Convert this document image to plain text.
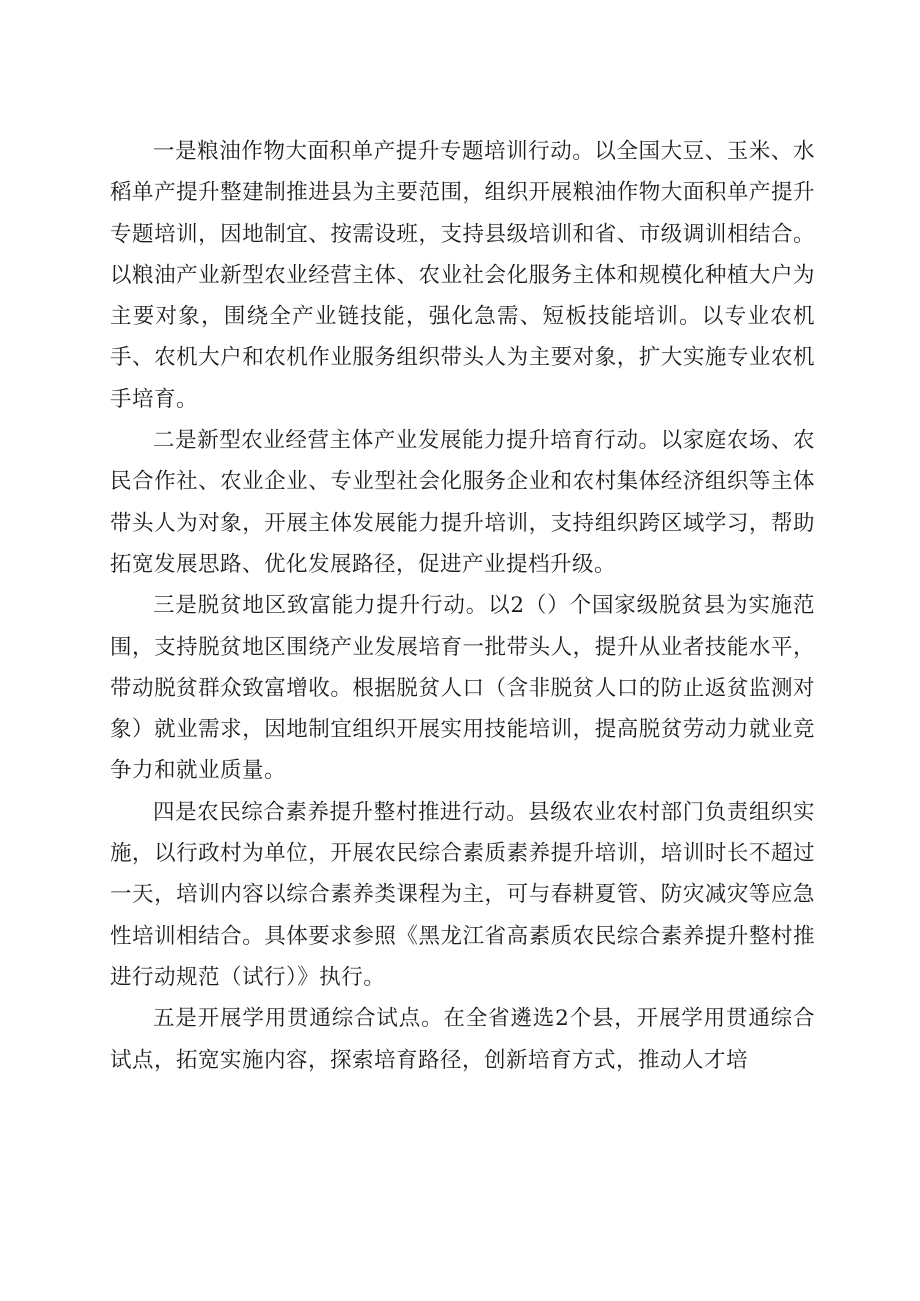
一是粮油作物大面积单产提升专题培训行动。以全国大豆、玉米、水稻单产提升整建制推进县为主要范围，组织开展粮油作物大面积单产提升专题培训，因地制宜、按需设班，支持县级培训和省、市级调训相结合。以粮油产业新型农业经营主体、农业社会化服务主体和规模化种植大户为主要对象，围绕全产业链技能，强化急需、短板技能培训。以专业农机手、农机大户和农机作业服务组织带头人为主要对象，扩大实施专业农机手培育。

二是新型农业经营主体产业发展能力提升培育行动。以家庭农场、农民合作社、农业企业、专业型社会化服务企业和农村集体经济组织等主体带头人为对象，开展主体发展能力提升培训，支持组织跨区域学习，帮助拓宽发展思路、优化发展路径，促进产业提档升级。

三是脱贫地区致富能力提升行动。以2（）个国家级脱贫县为实施范围，支持脱贫地区围绕产业发展培育一批带头人，提升从业者技能水平，带动脱贫群众致富增收。根据脱贫人口（含非脱贫人口的防止返贫监测对象）就业需求，因地制宜组织开展实用技能培训，提高脱贫劳动力就业竞争力和就业质量。

四是农民综合素养提升整村推进行动。县级农业农村部门负责组织实施，以行政村为单位，开展农民综合素质素养提升培训，培训时长不超过一天，培训内容以综合素养类课程为主，可与春耕夏管、防灾减灾等应急性培训相结合。具体要求参照《黑龙江省高素质农民综合素养提升整村推进行动规范（试行）》执行。

五是开展学用贯通综合试点。在全省遴选2个县，开展学用贯通综合试点，拓宽实施内容，探索培育路径，创新培育方式，推动人才培
